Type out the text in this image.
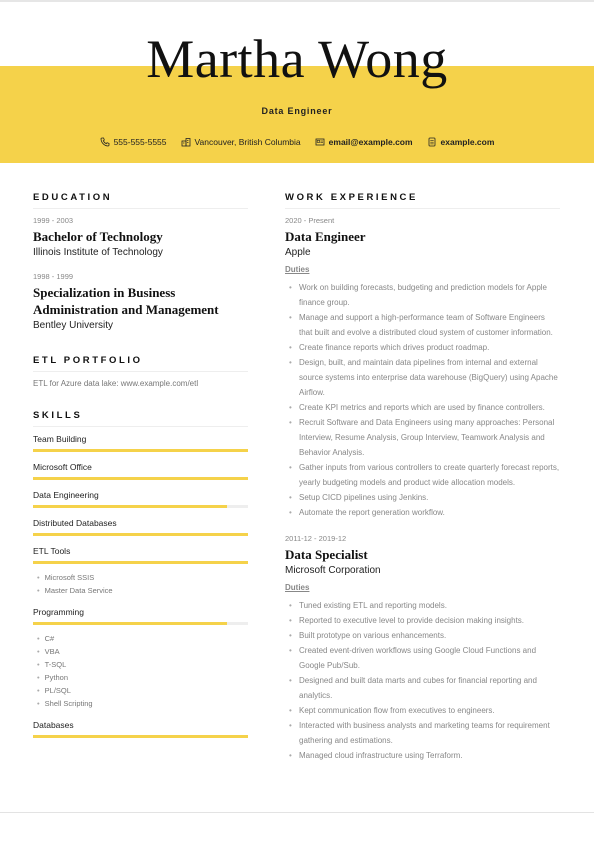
Martha Wong
Data Engineer
555-555-5555	Vancouver, British Columbia	email@example.com	example.com
EDUCATION
1999 - 2003
Bachelor of Technology
Illinois Institute of Technology
1998 - 1999
Specialization in Business Administration and Management
Bentley University
ETL PORTFOLIO
ETL for Azure data lake: www.example.com/etl
SKILLS
Team Building
Microsoft Office
Data Engineering
Distributed Databases
ETL Tools
• Microsoft SSIS
• Master Data Service
Programming
• C#
• VBA
• T-SQL
• Python
• PL/SQL
• Shell Scripting
Databases
WORK EXPERIENCE
2020 - Present
Data Engineer
Apple
Duties
• Work on building forecasts, budgeting and prediction models for Apple finance group.
• Manage and support a high-performance team of Software Engineers that built and evolve a distributed cloud system of customer information.
• Create finance reports which drives product roadmap.
• Design, built, and maintain data pipelines from internal and external source systems into enterprise data warehouse (BigQuery) using Apache Airflow.
• Create KPI metrics and reports which are used by finance controllers.
• Recruit Software and Data Engineers using many approaches: Personal Interview, Resume Analysis, Group Interview, Teamwork Analysis and Behavior Analysis.
• Gather inputs from various controllers to create quarterly forecast reports, yearly budgeting models and product wide allocation models.
• Setup CICD pipelines using Jenkins.
• Automate the report generation workflow.
2011-12 - 2019-12
Data Specialist
Microsoft Corporation
Duties
• Tuned existing ETL and reporting models.
• Reported to executive level to provide decision making insights.
• Built prototype on various enhancements.
• Created event-driven workflows using Google Cloud Functions and Google Pub/Sub.
• Designed and built data marts and cubes for financial reporting and analytics.
• Kept communication flow from executives to engineers.
• Interacted with business analysts and marketing teams for requirement gathering and estimations.
• Managed cloud infrastructure using Terraform.
